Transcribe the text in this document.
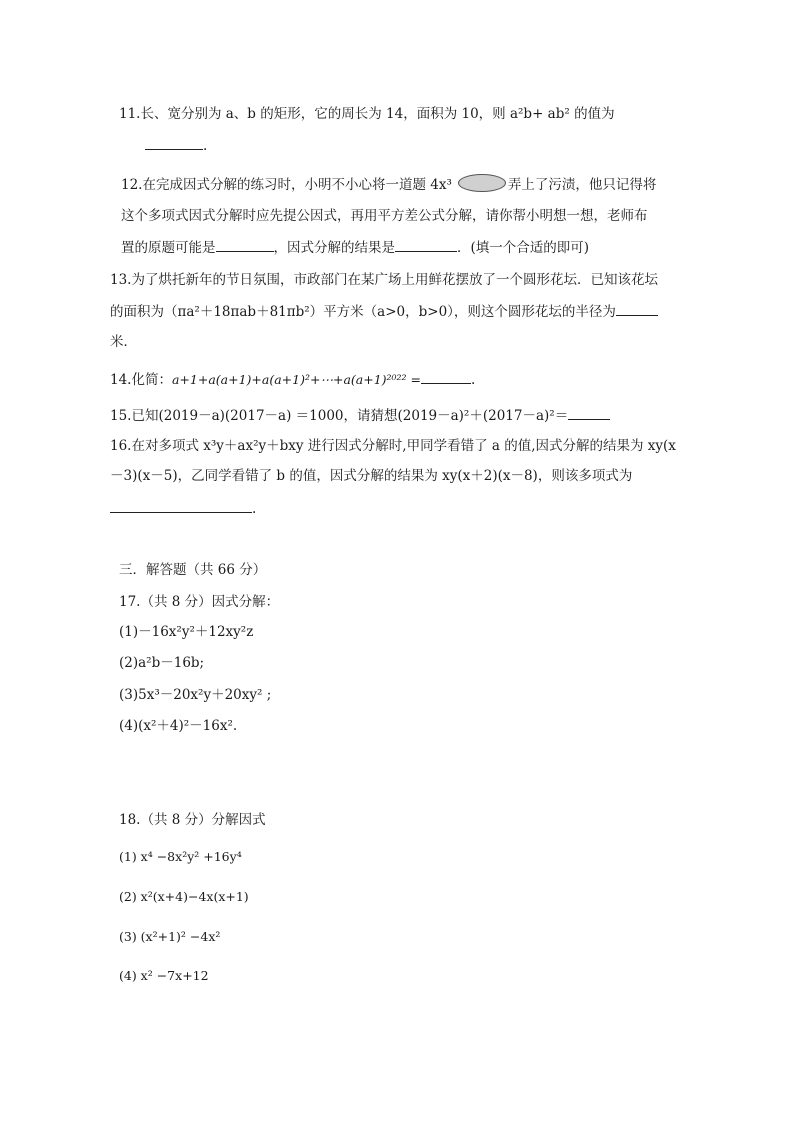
11.长、宽分别为 a、b 的矩形，它的周长为 14，面积为 10，则 a²b+ ab² 的值为
.
12.在完成因式分解的练习时，小明不小心将一道题 4x³	弄上了污渍，他只记得将
这个多项式因式分解时应先提公因式，再用平方差公式分解，请你帮小明想一想，老师布
置的原题可能是	，因式分解的结果是	．(填一个合适的即可)
13.为了烘托新年的节日氛围，市政部门在某广场上用鲜花摆放了一个圆形花坛．已知该花坛
的面积为（πa²＋18πab＋81πb²）平方米（a>0，b>0），则这个圆形花坛的半径为
米．
14.化简：a+1+a(a+1)+a(a+1)²+⋯+a(a+1)²⁰²² =	.
15.已知(2019－a)(2017－a) ＝1000，请猜想(2019－a)²＋(2017－a)²＝
16.在对多项式 x³y＋ax²y＋bxy 进行因式分解时,甲同学看错了 a 的值,因式分解的结果为 xy(x
－3)(x－5)，乙同学看错了 b 的值，因式分解的结果为 xy(x＋2)(x－8)，则该多项式为
.
三．解答题（共 66 分）
17.（共 8 分）因式分解：
(1)－16x²y²＋12xy²z
(2)a²b－16b;
(3)5x³－20x²y＋20xy² ;
(4)(x²＋4)²－16x².
18.（共 8 分）分解因式
(1) x⁴ −8x²y² +16y⁴
(2) x²(x+4)−4x(x+1)
(3) (x²+1)² −4x²
(4) x² −7x+12
